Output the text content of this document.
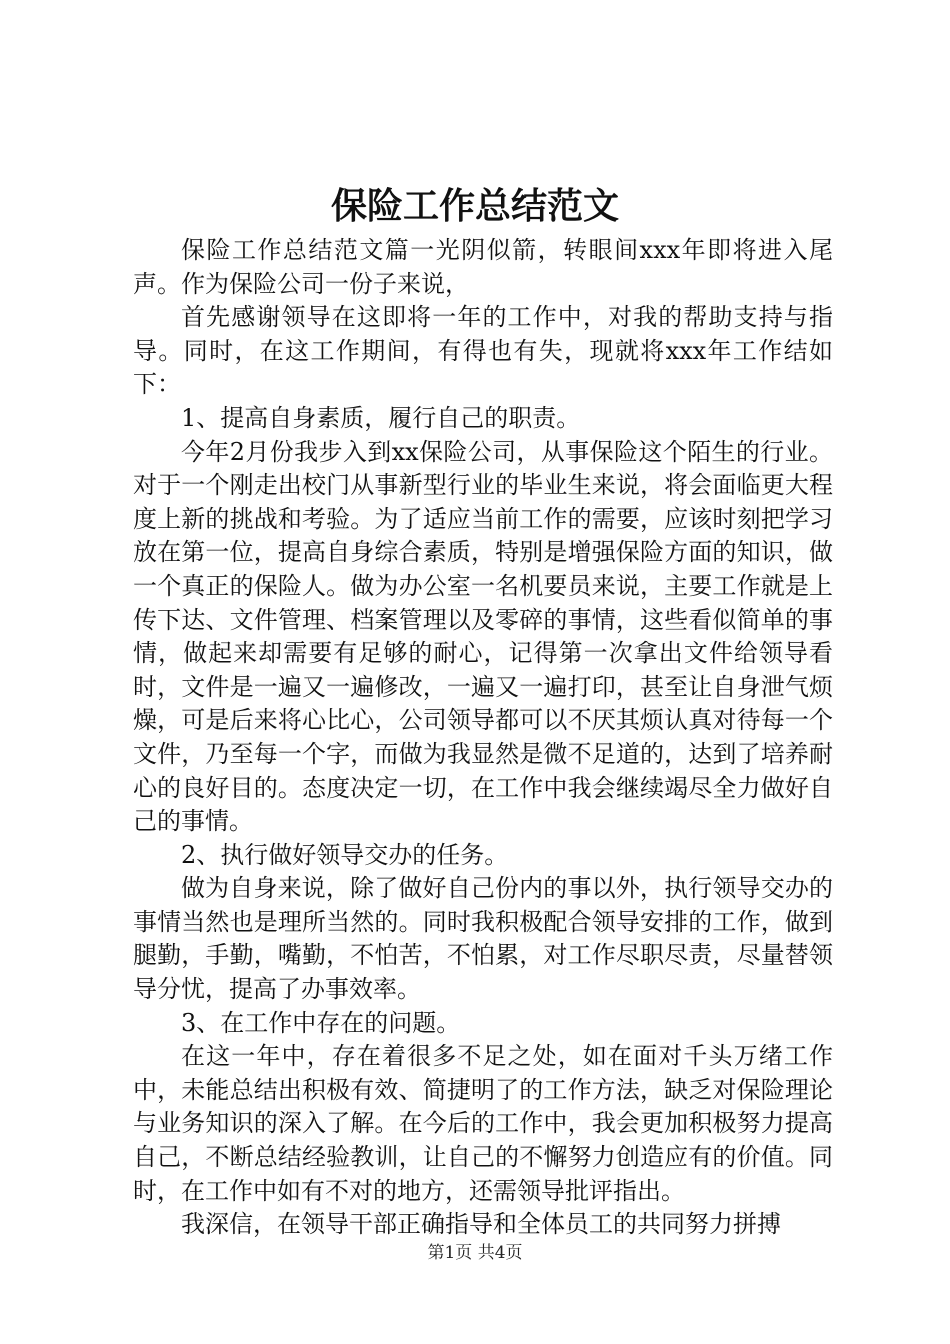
保险工作总结范文

保险工作总结范文篇一光阴似箭，转眼间xxx年即将进入尾声。作为保险公司一份子来说，

首先感谢领导在这即将一年的工作中，对我的帮助支持与指导。同时，在这工作期间，有得也有失，现就将xxx年工作结如下：

1、提高自身素质，履行自己的职责。

今年2月份我步入到xx保险公司，从事保险这个陌生的行业。对于一个刚走出校门从事新型行业的毕业生来说，将会面临更大程度上新的挑战和考验。为了适应当前工作的需要，应该时刻把学习放在第一位，提高自身综合素质，特别是增强保险方面的知识，做一个真正的保险人。做为办公室一名机要员来说，主要工作就是上传下达、文件管理、档案管理以及零碎的事情，这些看似简单的事情，做起来却需要有足够的耐心，记得第一次拿出文件给领导看时，文件是一遍又一遍修改，一遍又一遍打印，甚至让自身泄气烦燥，可是后来将心比心，公司领导都可以不厌其烦认真对待每一个文件，乃至每一个字，而做为我显然是微不足道的，达到了培养耐心的良好目的。态度决定一切，在工作中我会继续竭尽全力做好自己的事情。

2、执行做好领导交办的任务。

做为自身来说，除了做好自己份内的事以外，执行领导交办的事情当然也是理所当然的。同时我积极配合领导安排的工作，做到腿勤，手勤，嘴勤，不怕苦，不怕累，对工作尽职尽责，尽量替领导分忧，提高了办事效率。

3、在工作中存在的问题。

在这一年中，存在着很多不足之处，如在面对千头万绪工作中，未能总结出积极有效、简捷明了的工作方法，缺乏对保险理论与业务知识的深入了解。在今后的工作中，我会更加积极努力提高自己，不断总结经验教训，让自己的不懈努力创造应有的价值。同时，在工作中如有不对的地方，还需领导批评指出。

我深信，在领导干部正确指导和全体员工的共同努力拼搏

第1页 共4页
